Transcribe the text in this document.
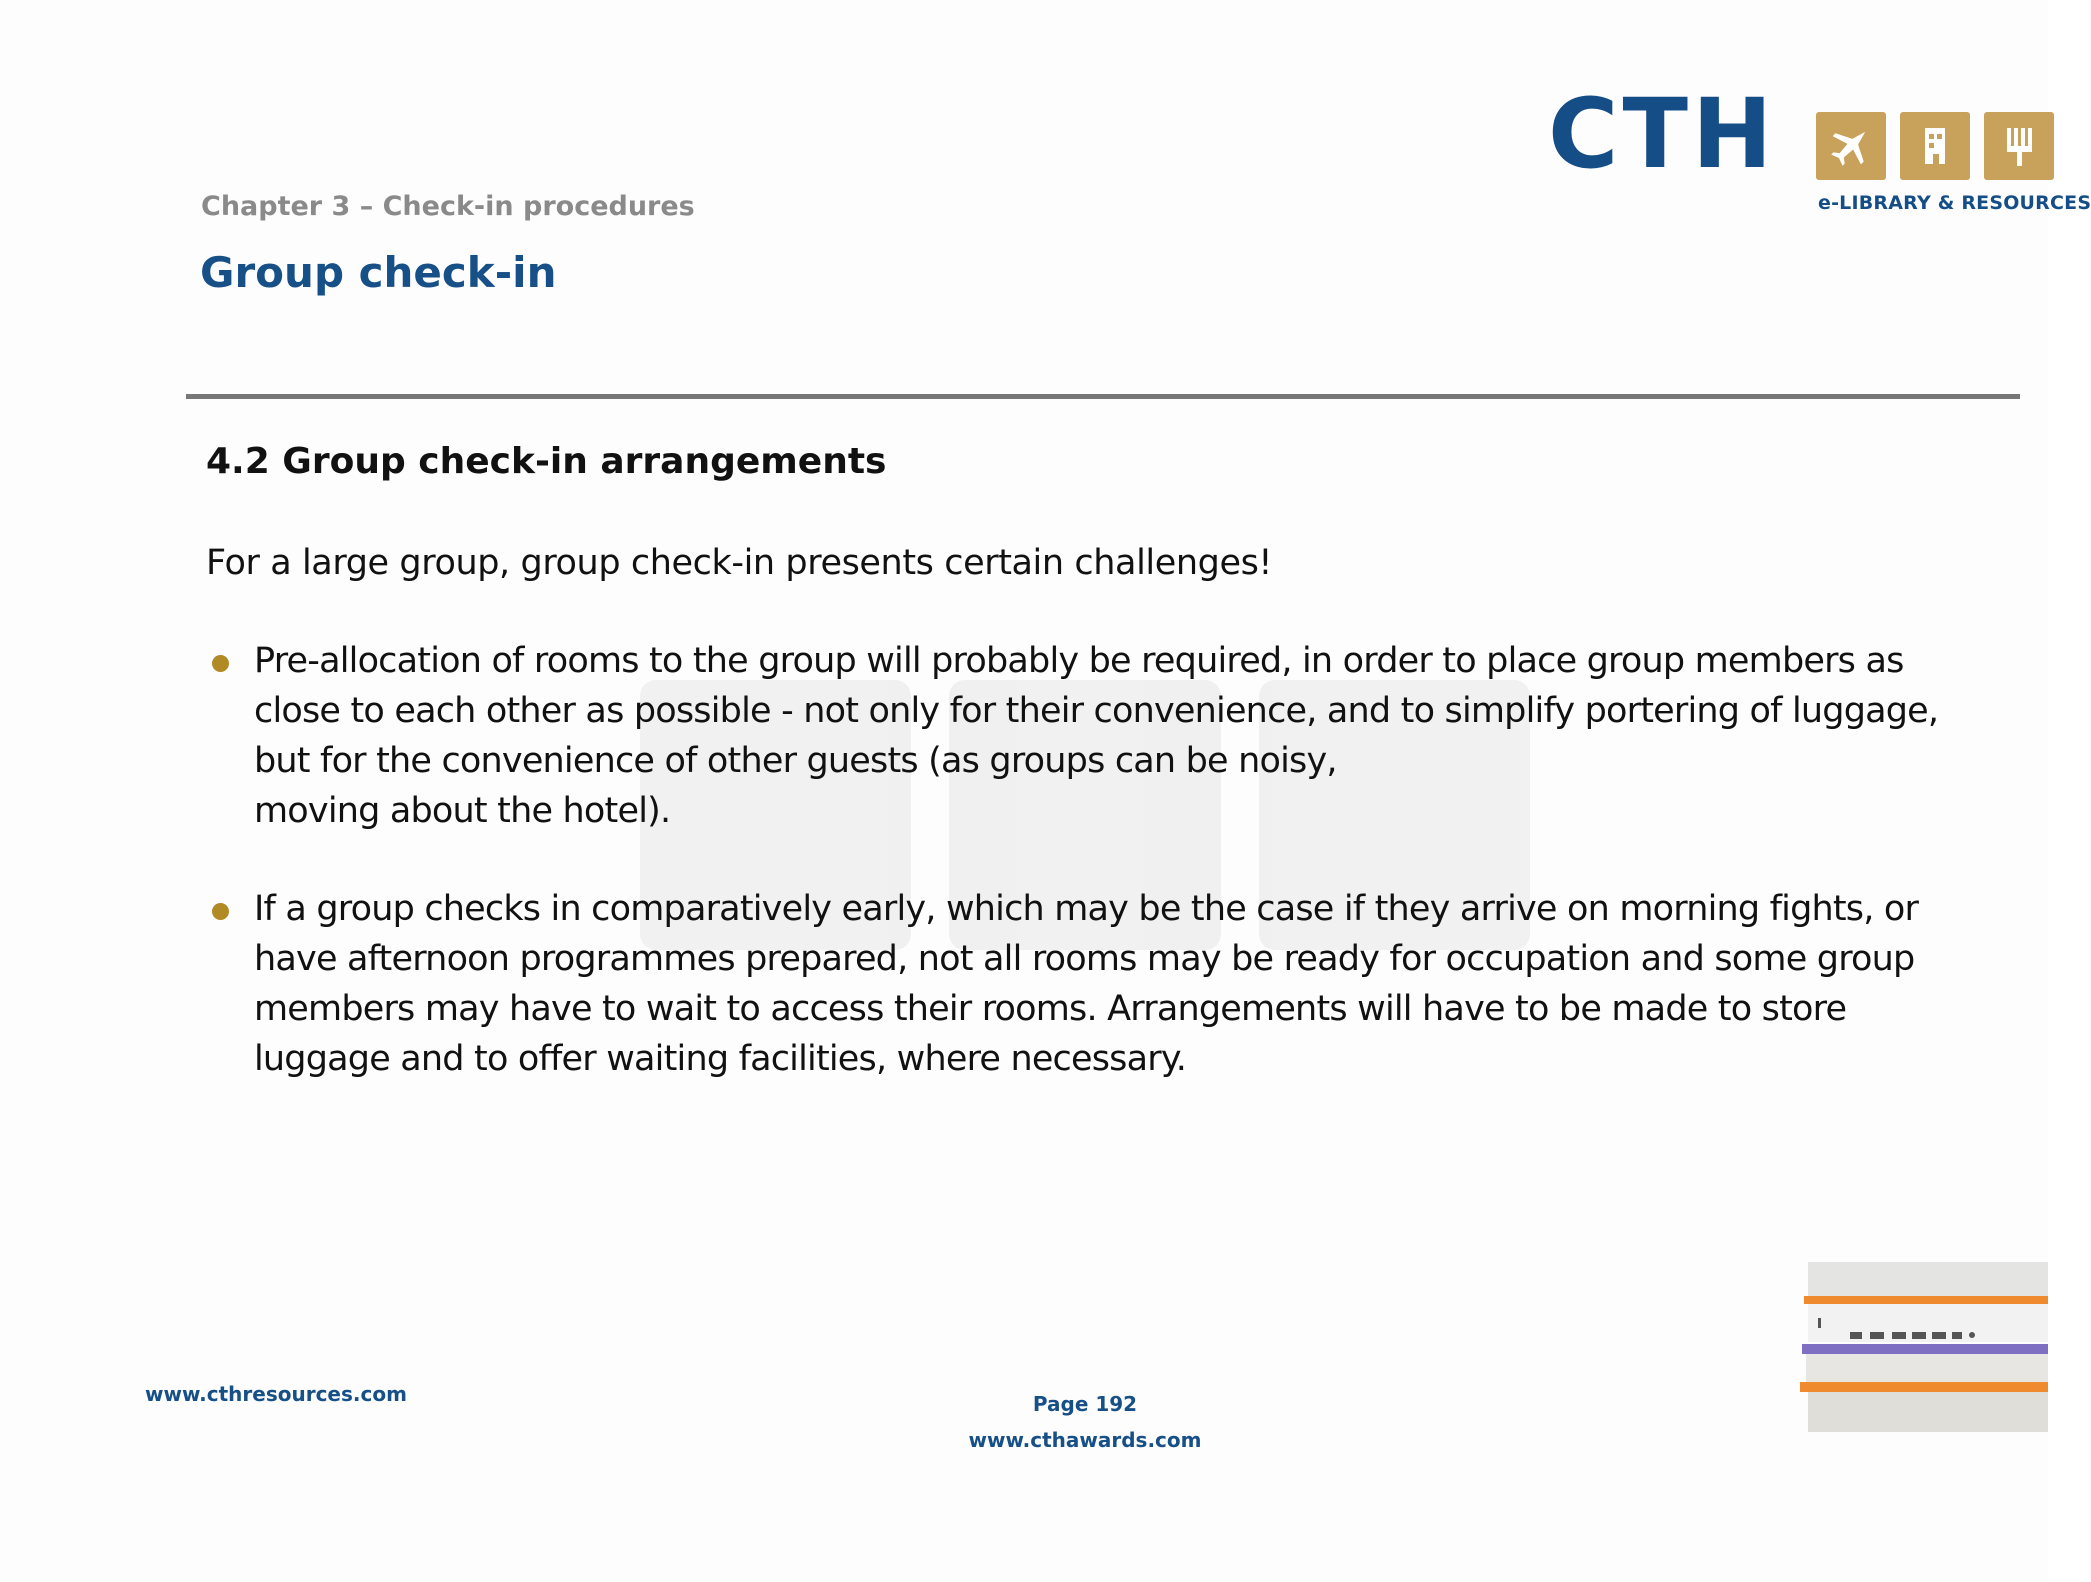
CTH
e-LIBRARY & RESOURCES
Chapter 3 – Check-in procedures
Group check-in
4.2 Group check-in arrangements

For a large group, group check-in presents certain challenges!

Pre-allocation of rooms to the group will probably be required, in order to place group members as
close to each other as possible - not only for their convenience, and to simplify portering of luggage,
but for the convenience of other guests (as groups can be noisy,
moving about the hotel).
If a group checks in comparatively early, which may be the case if they arrive on morning fights, or
have afternoon programmes prepared, not all rooms may be ready for occupation and some group
members may have to wait to access their rooms. Arrangements will have to be made to store
luggage and to offer waiting facilities, where necessary.
www.cthresources.com	Page 192
www.cthawards.com
